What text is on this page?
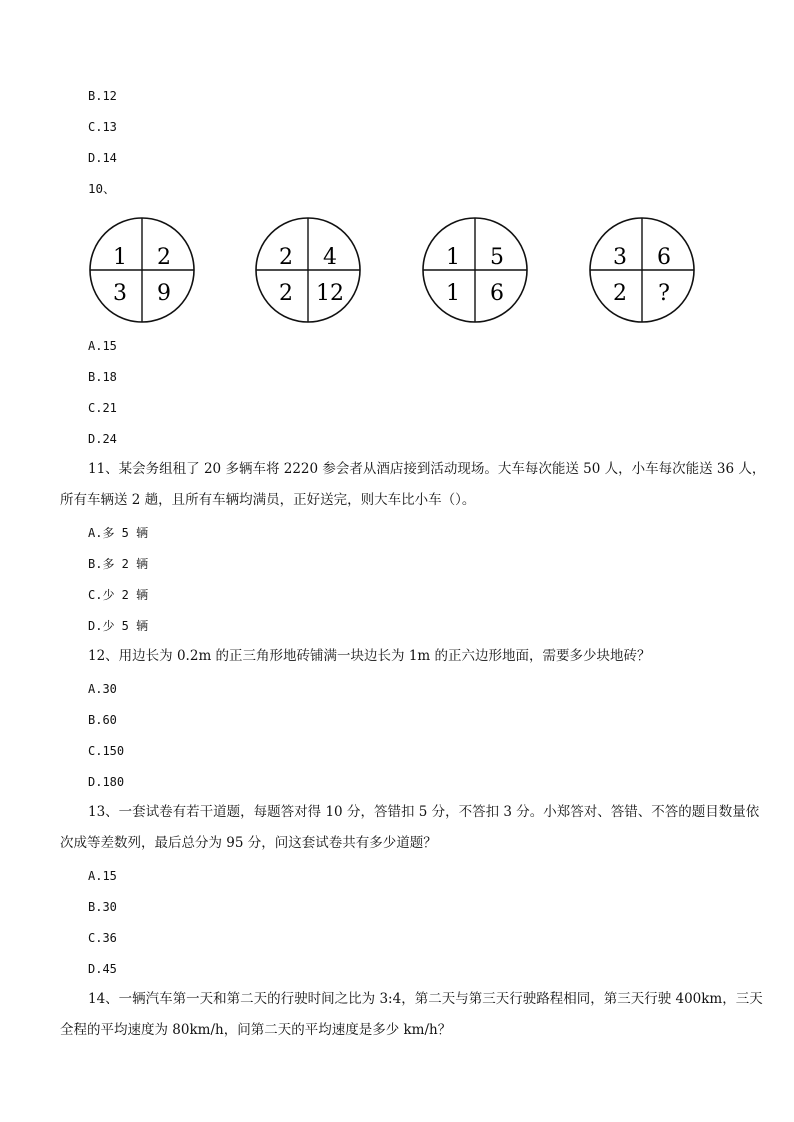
B.12
C.13
D.14
10、
1 2
3 9
2 4
2 12
1 5
1 6
3 6
2 ?
A.15
B.18
C.21
D.24
11、某会务组租了 20 多辆车将 2220 参会者从酒店接到活动现场。大车每次能送 50 人，小车每次能送 36 人，所有车辆送 2 趟，且所有车辆均满员，正好送完，则大车比小车（）。
A.多 5 辆
B.多 2 辆
C.少 2 辆
D.少 5 辆
12、用边长为 0.2m 的正三角形地砖铺满一块边长为 1m 的正六边形地面，需要多少块地砖？
A.30
B.60
C.150
D.180
13、一套试卷有若干道题，每题答对得 10 分，答错扣 5 分，不答扣 3 分。小郑答对、答错、不答的题目数量依次成等差数列，最后总分为 95 分，问这套试卷共有多少道题？
A.15
B.30
C.36
D.45
14、一辆汽车第一天和第二天的行驶时间之比为 3:4，第二天与第三天行驶路程相同，第三天行驶 400km，三天全程的平均速度为 80km/h，问第二天的平均速度是多少 km/h？
